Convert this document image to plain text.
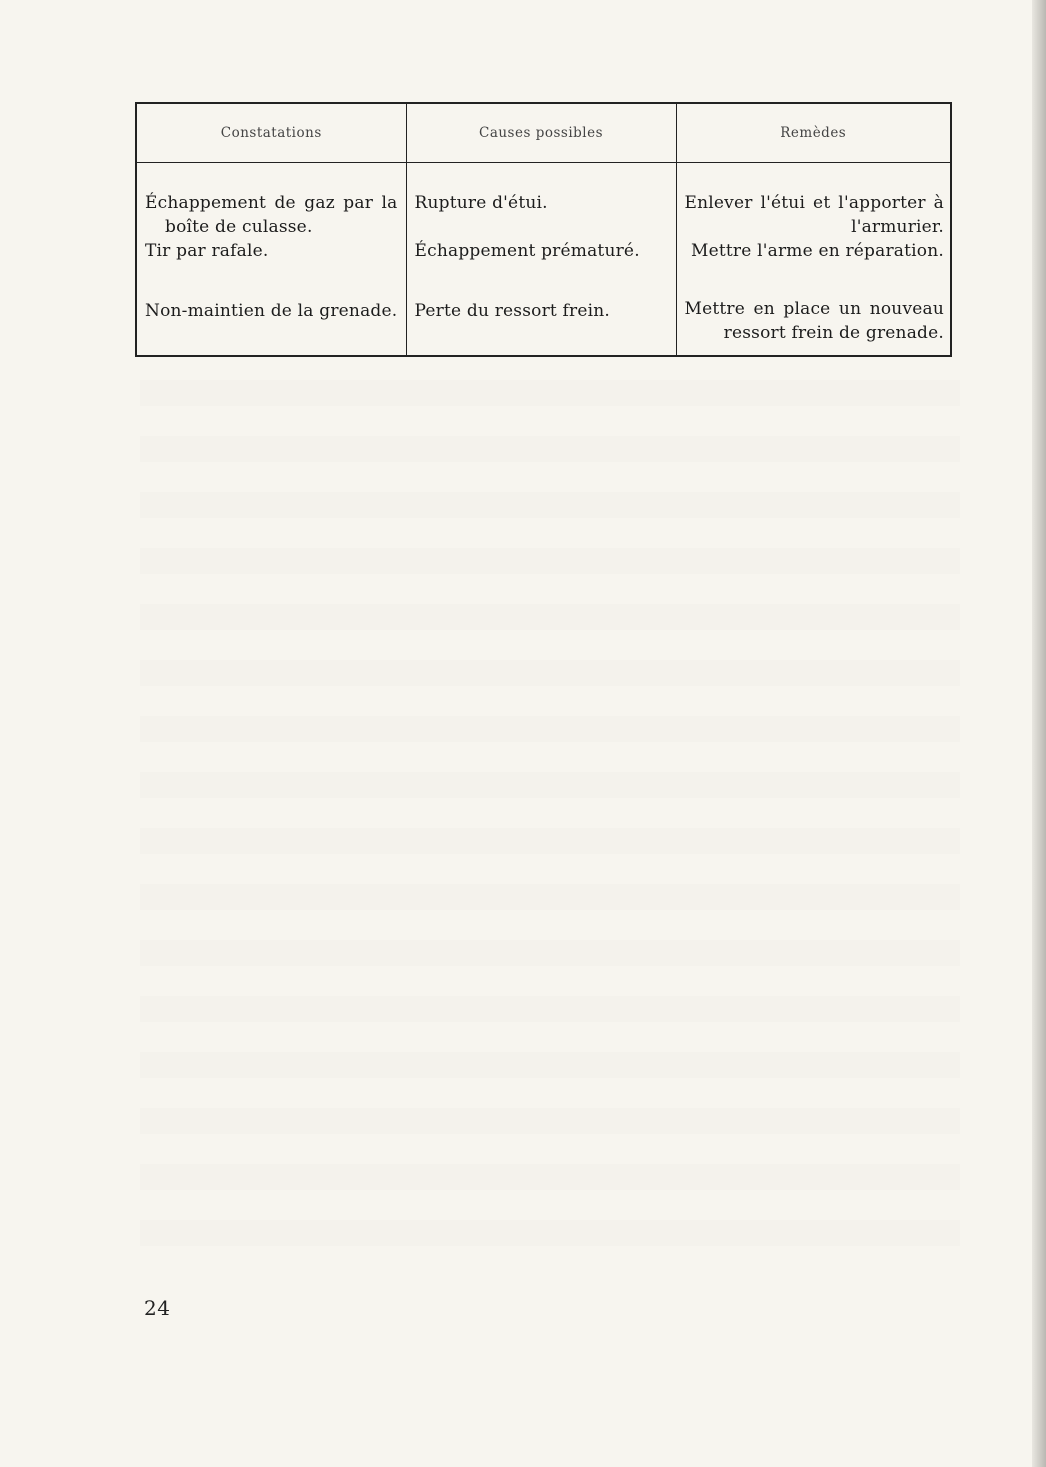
Constatations	Causes possibles	Remèdes

Échappement de gaz par la boîte de culasse.	Rupture d'étui.	Enlever l'étui et l'apporter à l'armurier.

Tir par rafale.	Échappement prématuré.	Mettre l'arme en réparation.

Non-maintien de la grenade.	Perte du ressort frein.	Mettre en place un nouveau ressort frein de grenade.
24
